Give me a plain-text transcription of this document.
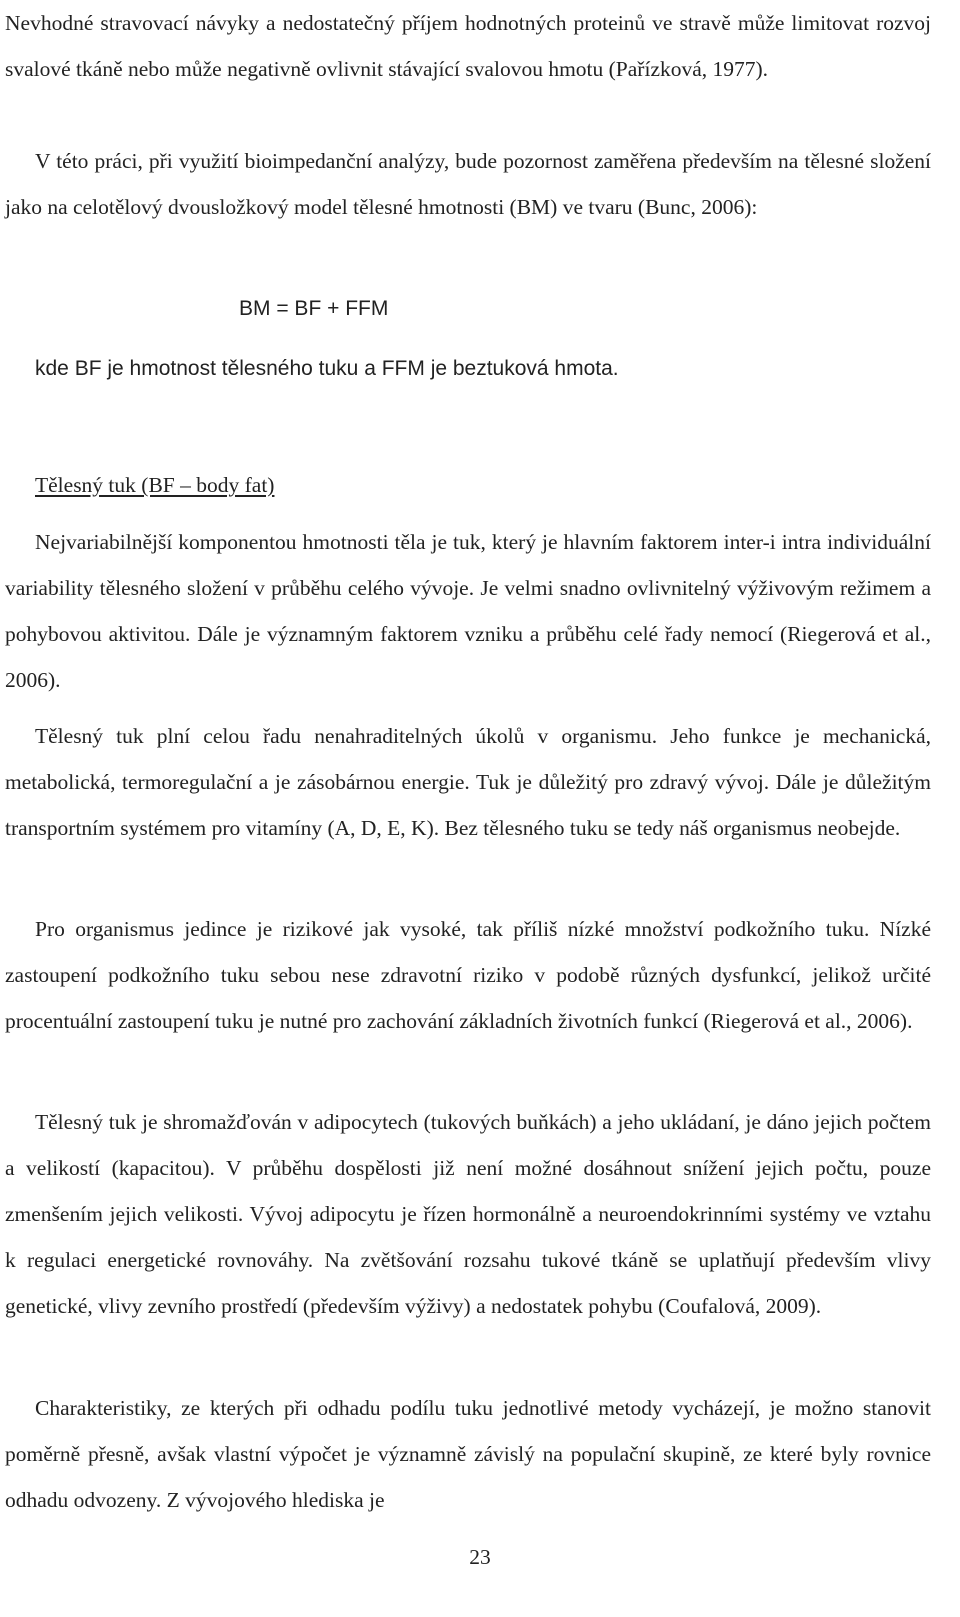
Nevhodné stravovací návyky a nedostatečný příjem hodnotných proteinů ve stravě může limitovat rozvoj svalové tkáně nebo může negativně ovlivnit stávající svalovou hmotu (Pařízková, 1977).

V této práci, při využití bioimpedanční analýzy, bude pozornost zaměřena především na tělesné složení jako na celotělový dvousložkový model tělesné hmotnosti (BM) ve tvaru (Bunc, 2006):

BM = BF + FFM

kde BF je hmotnost tělesného tuku a FFM je beztuková hmota.

Tělesný tuk (BF – body fat)

Nejvariabilnější komponentou hmotnosti těla je tuk, který je hlavním faktorem inter-i intra individuální variability tělesného složení v průběhu celého vývoje. Je velmi snadno ovlivnitelný výživovým režimem a pohybovou aktivitou. Dále je významným faktorem vzniku a průběhu celé řady nemocí (Riegerová et al., 2006).

Tělesný tuk plní celou řadu nenahraditelných úkolů v organismu. Jeho funkce je mechanická, metabolická, termoregulační a je zásobárnou energie. Tuk je důležitý pro zdravý vývoj. Dále je důležitým transportním systémem pro vitamíny (A, D, E, K). Bez tělesného tuku se tedy náš organismus neobejde.

Pro organismus jedince je rizikové jak vysoké, tak příliš nízké množství podkožního tuku. Nízké zastoupení podkožního tuku sebou nese zdravotní riziko v podobě různých dysfunkcí, jelikož určité procentuální zastoupení tuku je nutné pro zachování základních životních funkcí (Riegerová et al., 2006).

Tělesný tuk je shromažďován v adipocytech (tukových buňkách) a jeho ukládaní, je dáno jejich počtem a velikostí (kapacitou). V průběhu dospělosti již není možné dosáhnout snížení jejich počtu, pouze zmenšením jejich velikosti. Vývoj adipocytu je řízen hormonálně a neuroendokrinními systémy ve vztahu k regulaci energetické rovnováhy. Na zvětšování rozsahu tukové tkáně se uplatňují především vlivy genetické, vlivy zevního prostředí (především výživy) a nedostatek pohybu (Coufalová, 2009).

Charakteristiky, ze kterých při odhadu podílu tuku jednotlivé metody vycházejí, je možno stanovit poměrně přesně, avšak vlastní výpočet je významně závislý na populační skupině, ze které byly rovnice odhadu odvozeny. Z vývojového hlediska je

23
